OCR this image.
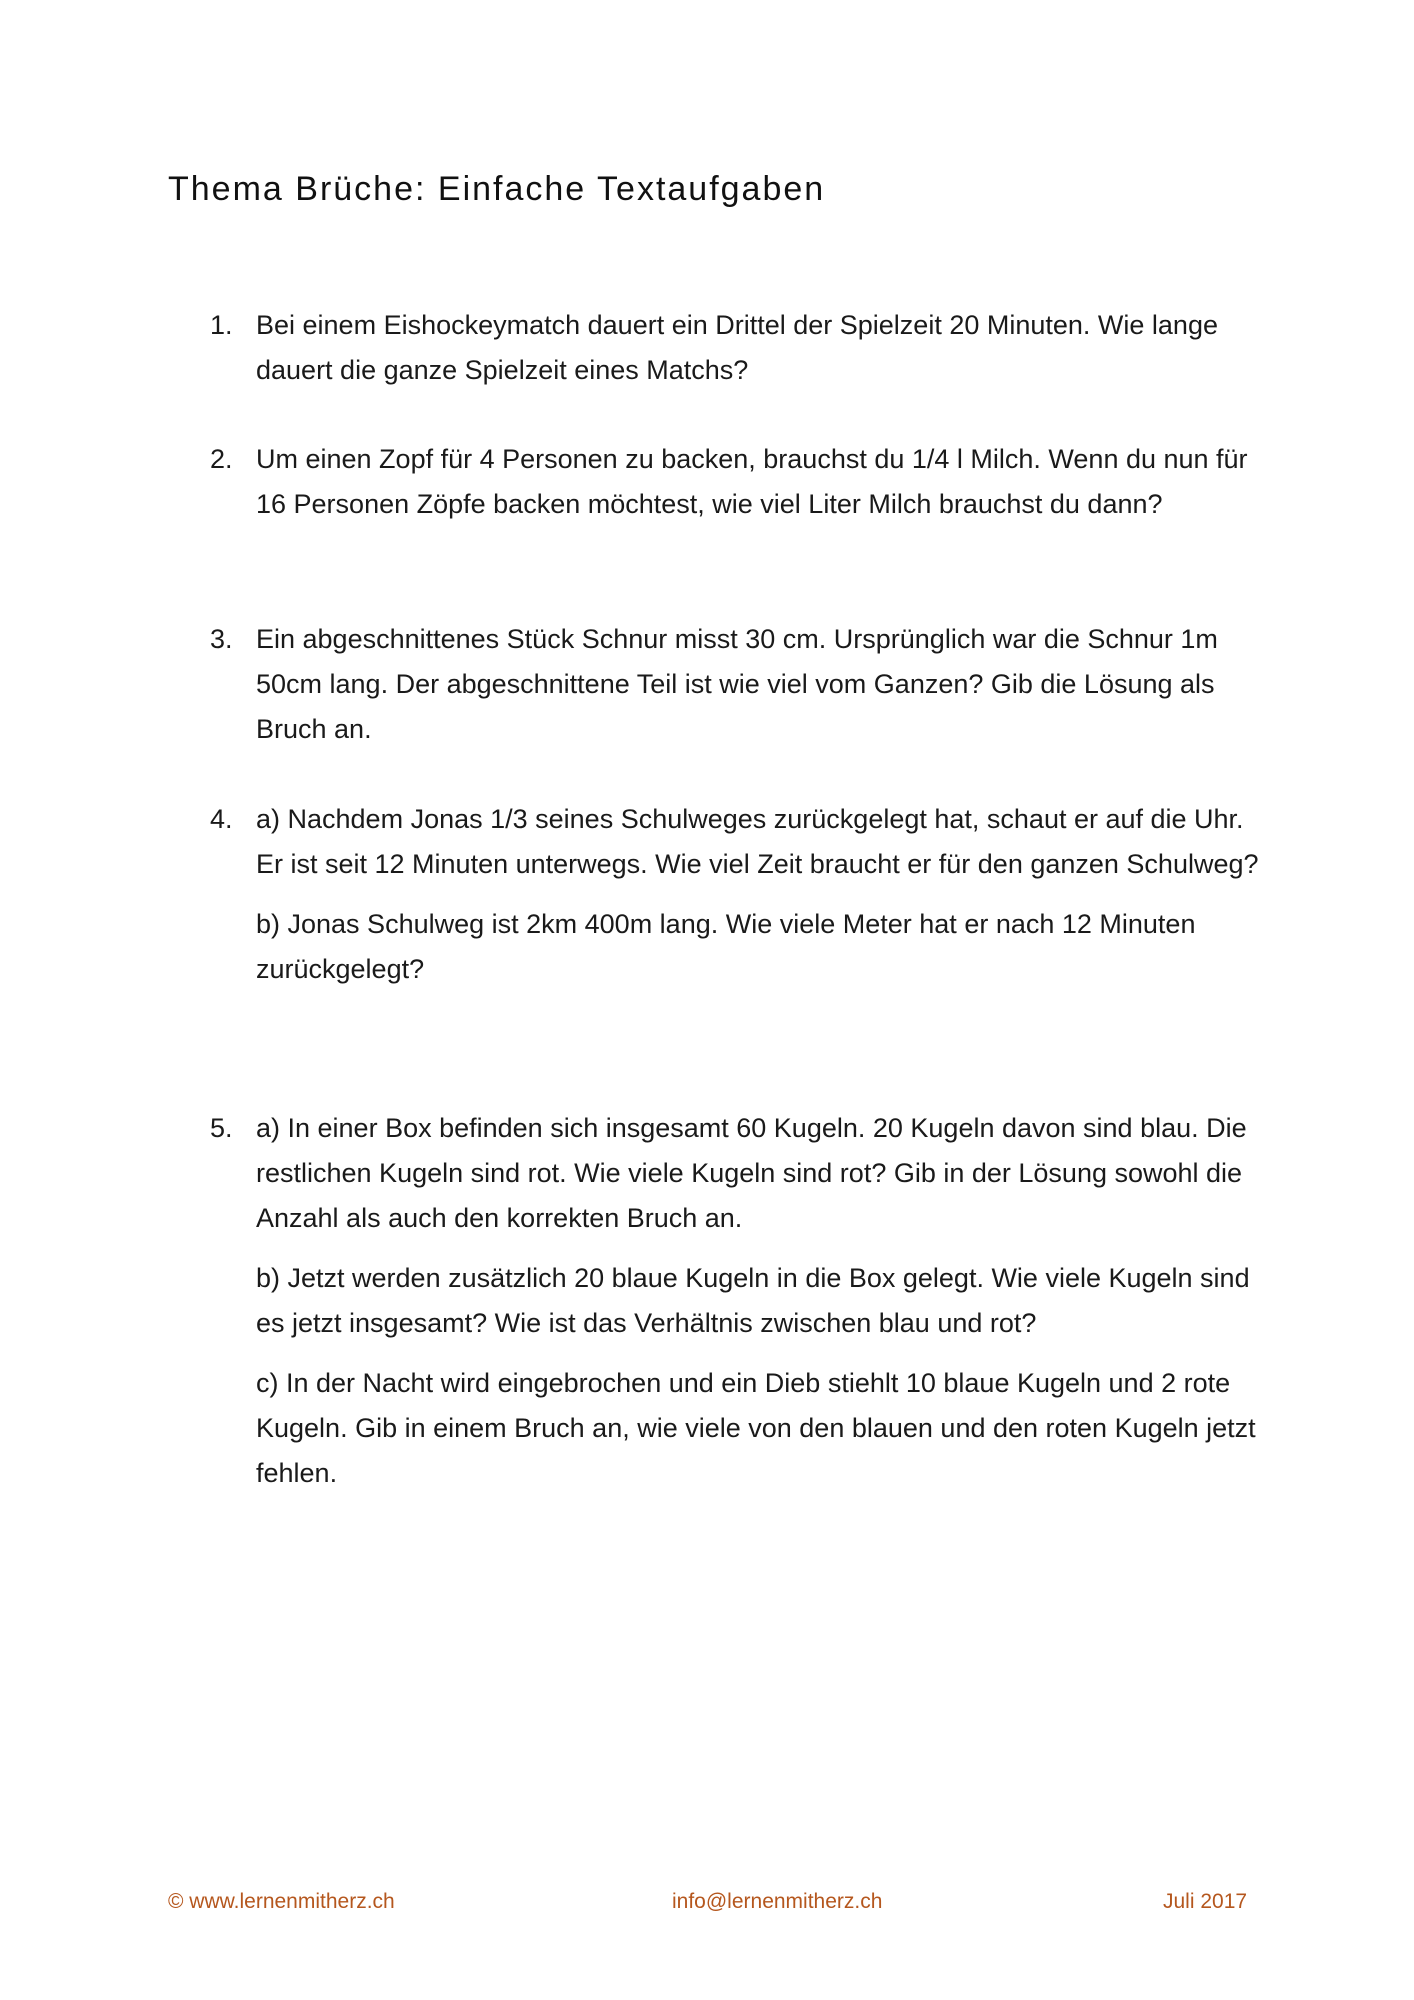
Thema Brüche: Einfache Textaufgaben
1. Bei einem Eishockeymatch dauert ein Drittel der Spielzeit 20 Minuten. Wie lange dauert die ganze Spielzeit eines Matchs?

2. Um einen Zopf für 4 Personen zu backen, brauchst du 1/4 l Milch. Wenn du nun für 16 Personen Zöpfe backen möchtest, wie viel Liter Milch brauchst du dann?

3. Ein abgeschnittenes Stück Schnur misst 30 cm. Ursprünglich war die Schnur 1m 50cm lang. Der abgeschnittene Teil ist wie viel vom Ganzen? Gib die Lösung als Bruch an.

4. a) Nachdem Jonas 1/3 seines Schulweges zurückgelegt hat, schaut er auf die Uhr. Er ist seit 12 Minuten unterwegs. Wie viel Zeit braucht er für den ganzen Schulweg?

b) Jonas Schulweg ist 2km 400m lang. Wie viele Meter hat er nach 12 Minuten zurückgelegt?

5. a) In einer Box befinden sich insgesamt 60 Kugeln. 20 Kugeln davon sind blau. Die restlichen Kugeln sind rot. Wie viele Kugeln sind rot? Gib in der Lösung sowohl die Anzahl als auch den korrekten Bruch an.

b) Jetzt werden zusätzlich 20 blaue Kugeln in die Box gelegt. Wie viele Kugeln sind es jetzt insgesamt? Wie ist das Verhältnis zwischen blau und rot?

c) In der Nacht wird eingebrochen und ein Dieb stiehlt 10 blaue Kugeln und 2 rote Kugeln. Gib in einem Bruch an, wie viele von den blauen und den roten Kugeln jetzt fehlen.

© www.lernenmitherz.ch	info@lernenmitherz.ch	Juli 2017
